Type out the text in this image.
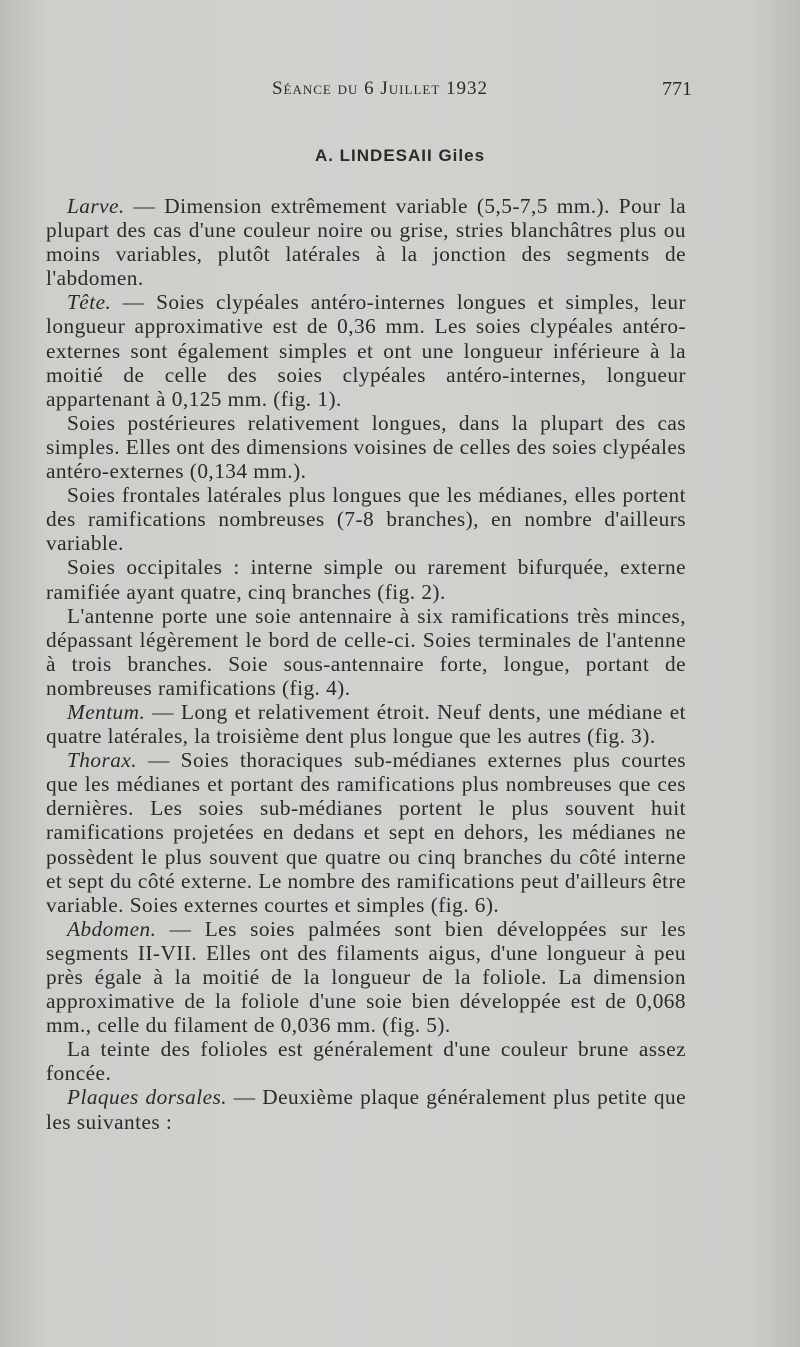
Séance du 6 Juillet 1932	771
A. LINDESAII Giles

Larve. — Dimension extrêmement variable (5,5-7,5 mm.). Pour la plupart des cas d'une couleur noire ou grise, stries blanchâtres plus ou moins variables, plutôt latérales à la jonction des segments de l'abdomen.

Tête. — Soies clypéales antéro-internes longues et simples, leur longueur approximative est de 0,36 mm. Les soies clypéales antéro-externes sont également simples et ont une longueur inférieure à la moitié de celle des soies clypéales antéro-internes, longueur appartenant à 0,125 mm. (fig. 1).

Soies postérieures relativement longues, dans la plupart des cas simples. Elles ont des dimensions voisines de celles des soies clypéales antéro-externes (0,134 mm.).

Soies frontales latérales plus longues que les médianes, elles portent des ramifications nombreuses (7-8 branches), en nombre d'ailleurs variable.

Soies occipitales : interne simple ou rarement bifurquée, externe ramifiée ayant quatre, cinq branches (fig. 2).

L'antenne porte une soie antennaire à six ramifications très minces, dépassant légèrement le bord de celle-ci. Soies terminales de l'antenne à trois branches. Soie sous-antennaire forte, longue, portant de nombreuses ramifications (fig. 4).

Mentum. — Long et relativement étroit. Neuf dents, une médiane et quatre latérales, la troisième dent plus longue que les autres (fig. 3).

Thorax. — Soies thoraciques sub-médianes externes plus courtes que les médianes et portant des ramifications plus nombreuses que ces dernières. Les soies sub-médianes portent le plus souvent huit ramifications projetées en dedans et sept en dehors, les médianes ne possèdent le plus souvent que quatre ou cinq branches du côté interne et sept du côté externe. Le nombre des ramifications peut d'ailleurs être variable. Soies externes courtes et simples (fig. 6).

Abdomen. — Les soies palmées sont bien développées sur les segments II-VII. Elles ont des filaments aigus, d'une longueur à peu près égale à la moitié de la longueur de la foliole. La dimension approximative de la foliole d'une soie bien développée est de 0,068 mm., celle du filament de 0,036 mm. (fig. 5).

La teinte des folioles est généralement d'une couleur brune assez foncée.

Plaques dorsales. — Deuxième plaque généralement plus petite que les suivantes :
